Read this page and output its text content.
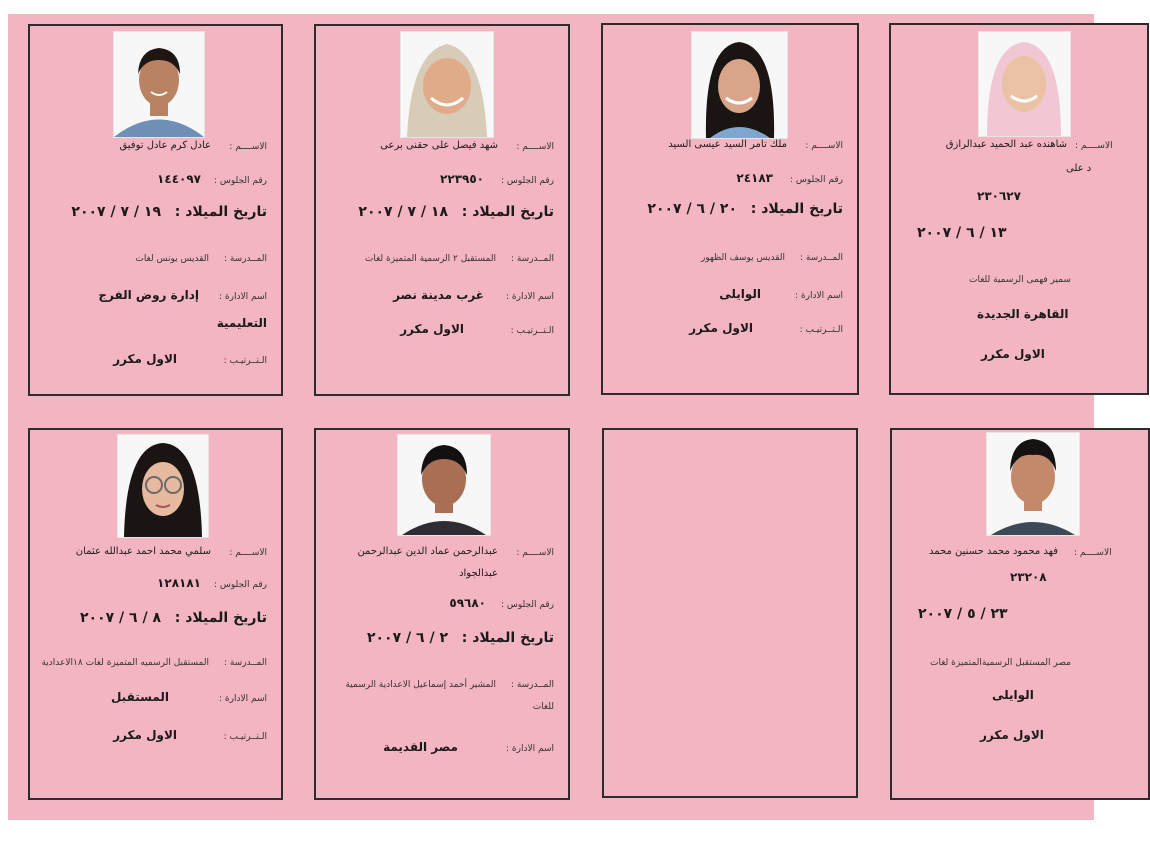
الاســــم :
عادل كرم عادل توفيق
رقم الجلوس :
١٤٤٠٩٧
تاريخ الميلاد :
١٩ / ٧ / ٢٠٠٧
المــدرسة :
القديس يونس لغات
اسم الادارة :
إدارة روض الفرج
التعليمية
الـتــرتيـب :
الاول مكرر
الاســــم :
شهد فيصل على حقنى برعى
رقم الجلوس :
٢٢٣٩٥٠
تاريخ الميلاد :
١٨ / ٧ / ٢٠٠٧
المــدرسة :
المستقبل ٢ الرسمية المتميزة لغات
اسم الادارة :
غرب مدينة نصر
الـتــرتيـب :
الاول مكرر
الاســــم :
ملك تامر السيد عيسى السيد
رقم الجلوس :
٢٤١٨٣
تاريخ الميلاد :
٢٠ / ٦ / ٢٠٠٧
المــدرسة :
القديس يوسف الظهور
اسم الادارة :
الوايلى
الـتــرتيـب :
الاول مكرر
الاســــم :
شاهنده عبد الحميد عبدالرازق
د على
٢٣٠٦٢٧
١٣ / ٦ / ٢٠٠٧
سمير فهمى الرسمية للغات
القاهرة الجديدة
الاول مكرر
الاســــم :
سلمي محمد احمد عبدالله عثمان
رقم الجلوس :
١٢٨١٨١
تاريخ الميلاد :
٨ / ٦ / ٢٠٠٧
المــدرسة :
المستقبل الرسميه المتميزة لغات ١٨الاعدادية
اسم الادارة :
المستقبل
الـتــرتيـب :
الاول مكرر
الاســــم :
عبدالرحمن عماد الدين عبدالرحمن
عبدالجواد
رقم الجلوس :
٥٩٦٨٠
تاريخ الميلاد :
٢ / ٦ / ٢٠٠٧
المــدرسة :
المشير أحمد إسماعيل الاعدادية الرسمية
للغات
اسم الادارة :
مصر القديمة
الاســــم :
فهد محمود محمد حسنين محمد
٢٣٢٠٨
٢٣ / ٥ / ٢٠٠٧
مصر المستقبل الرسميةالمتميزة لغات
الوايلى
الاول مكرر
